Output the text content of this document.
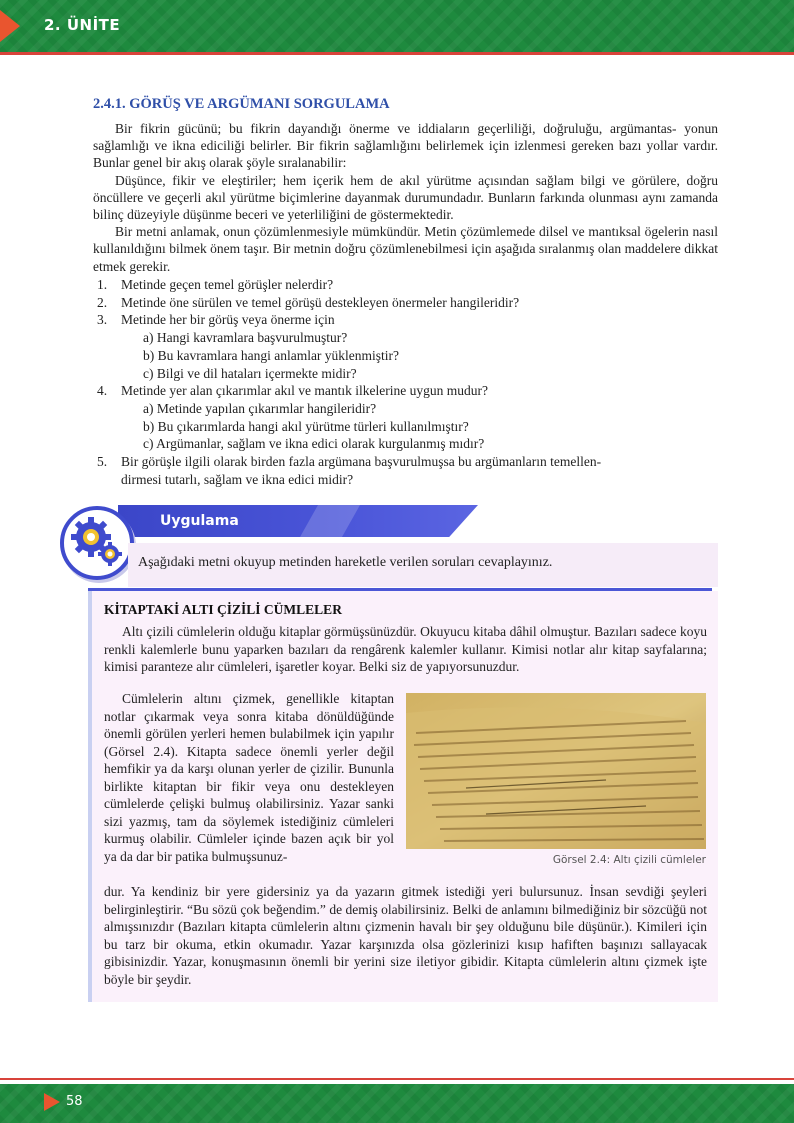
2. ÜNİTE
2.4.1. GÖRÜŞ VE ARGÜMANI SORGULAMA

Bir fikrin gücünü; bu fikrin dayandığı önerme ve iddiaların geçerliliği, doğruluğu, argümantas- yonun sağlamlığı ve ikna ediciliği belirler. Bir fikrin sağlamlığını belirlemek için izlenmesi gereken bazı yollar vardır. Bunlar genel bir akış olarak şöyle sıralanabilir:

Düşünce, fikir ve eleştiriler; hem içerik hem de akıl yürütme açısından sağlam bilgi ve görülere, doğru öncüllere ve geçerli akıl yürütme biçimlerine dayanmak durumundadır. Bunların farkında olunması aynı zamanda bilinç düzeyiyle düşünme beceri ve yeterliliğini de göstermektedir.

Bir metni anlamak, onun çözümlenmesiyle mümkündür. Metin çözümlemede dilsel ve mantıksal ögelerin nasıl kullanıldığını bilmek önem taşır. Bir metnin doğru çözümlenebilmesi için aşağıda sıralanmış olan maddelere dikkat etmek gerekir.

1.	Metinde geçen temel görüşler nelerdir?
2.	Metinde öne sürülen ve temel görüşü destekleyen önermeler hangileridir?
3.	Metinde her bir görüş veya önerme için
a) Hangi kavramlara başvurulmuştur?
b) Bu kavramlara hangi anlamlar yüklenmiştir?
c) Bilgi ve dil hataları içermekte midir?
4.	Metinde yer alan çıkarımlar akıl ve mantık ilkelerine uygun mudur?
a) Metinde yapılan çıkarımlar hangileridir?
b) Bu çıkarımlarda hangi akıl yürütme türleri kullanılmıştır?
c) Argümanlar, sağlam ve ikna edici olarak kurgulanmış mıdır?
5.	Bir görüşle ilgili olarak birden fazla argümana başvurulmuşsa bu argümanların temellen-
dirmesi tutarlı, sağlam ve ikna edici midir?
Uygulama
Aşağıdaki metni okuyup metinden hareketle verilen soruları cevaplayınız.
KİTAPTAKİ ALTI ÇİZİLİ CÜMLELER

Altı çizili cümlelerin olduğu kitaplar görmüşsünüzdür. Okuyucu kitaba dâhil olmuştur. Bazıları sadece koyu renkli kalemlerle bunu yaparken bazıları da rengârenk kalemler kullanır. Kimisi notlar alır kitap sayfalarına; kimisi paranteze alır cümleleri, işaretler koyar. Belki siz de yapıyorsunuzdur.

Cümlelerin altını çizmek, genellikle kitaptan notlar çıkarmak veya sonra kitaba dönüldüğünde önemli görülen yerleri hemen bulabilmek için yapılır (Görsel 2.4). Kitapta sadece önemli yerler değil hemfikir ya da karşı olunan yerler de çizilir. Bununla birlikte kitaptan bir fikir veya onu destekleyen cümlelerde çelişki bulmuş olabilirsiniz. Yazar sanki sizi yazmış, tam da söylemek istediğiniz cümleleri kurmuş olabilir. Cümleler içinde bazen açık bir yol ya da dar bir patika bulmuşsunuz-	Görsel 2.4: Altı çizili cümleler

dur. Ya kendiniz bir yere gidersiniz ya da yazarın gitmek istediği yeri bulursunuz. İnsan sevdiği şeyleri belirginleştirir. “Bu sözü çok beğendim.” de demiş olabilirsiniz. Belki de anlamını bilmediğiniz bir sözcüğü not almışsınızdır (Bazıları kitapta cümlelerin altını çizmenin havalı bir şey olduğunu bile düşünür.). Kimileri için bu tarz bir okuma, etkin okumadır. Yazar karşınızda olsa gözlerinizi kısıp hafiften başınızı sallayacak gibisinizdir. Yazar, konuşmasının önemli bir yerini size iletiyor gibidir. Kitapta cümlelerin altını çizmek işte böyle bir şeydir.

58
